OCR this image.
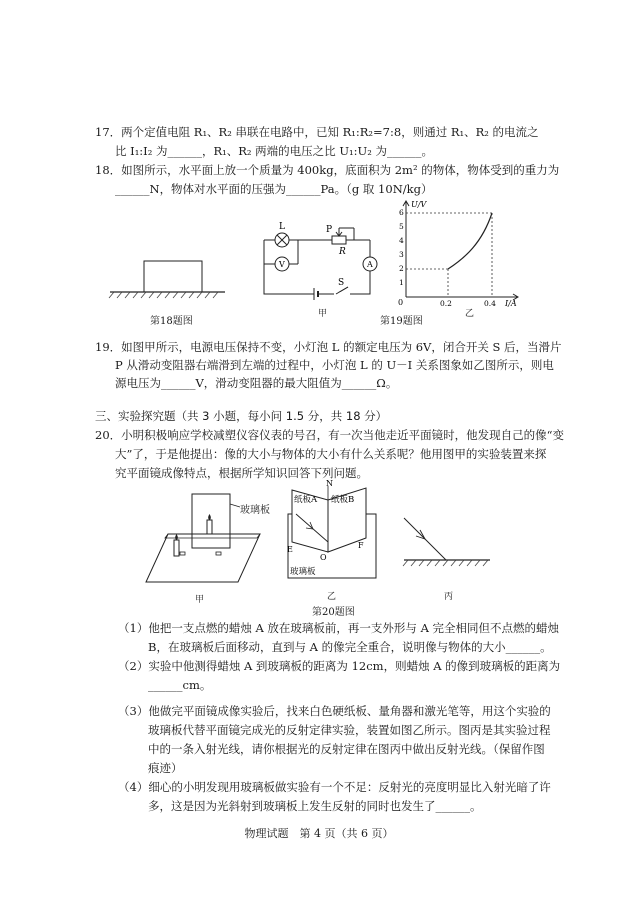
17．两个定值电阻 R₁、R₂ 串联在电路中，已知 R₁:R₂=7:8，则通过 R₁、R₂ 的电流之
比 I₁:I₂ 为______，R₁、R₂ 两端的电压之比 U₁:U₂ 为______。
18．如图所示，水平面上放一个质量为 400kg，底面积为 2m² 的物体，物体受到的重力为
______N，物体对水平面的压强为______Pa。（g 取 10N/kg）
第18题图
L	P
R
V	A
S
甲
U/V
I/A
0
1
2
3
4
5
6
0.2	0.4
乙
第19题图
19．如图甲所示，电源电压保持不变，小灯泡 L 的额定电压为 6V，闭合开关 S 后，当滑片
P 从滑动变阻器右端滑到左端的过程中，小灯泡 L 的 U－I 关系图象如乙图所示，则电
源电压为______V，滑动变阻器的最大阻值为______Ω。
三、实验探究题（共 3 小题，每小问 1.5 分，共 18 分）
20．小明积极响应学校减塑仪容仪表的号召，有一次当他走近平面镜时，他发现自己的像“变
大”了，于是他提出：像的大小与物体的大小有什么关系呢？他用图甲的实验装置来探
究平面镜成像特点，根据所学知识回答下列问题。
玻璃板
甲
N
E	F
O
纸板A 纸板B
玻璃板
乙	丙
第20题图
（1）他把一支点燃的蜡烛 A 放在玻璃板前，再一支外形与 A 完全相同但不点燃的蜡烛
B，在玻璃板后面移动，直到与 A 的像完全重合，说明像与物体的大小______。
（2）实验中他测得蜡烛 A 到玻璃板的距离为 12cm，则蜡烛 A 的像到玻璃板的距离为
______cm。
（3）他做完平面镜成像实验后，找来白色硬纸板、量角器和激光笔等，用这个实验的
玻璃板代替平面镜完成光的反射定律实验，装置如图乙所示。图丙是其实验过程
中的一条入射光线，请你根据光的反射定律在图丙中做出反射光线。（保留作图
痕迹）
（4）细心的小明发现用玻璃板做实验有一个不足：反射光的亮度明显比入射光暗了许
多，这是因为光斜射到玻璃板上发生反射的同时也发生了______。
物理试题　第 4 页（共 6 页）
